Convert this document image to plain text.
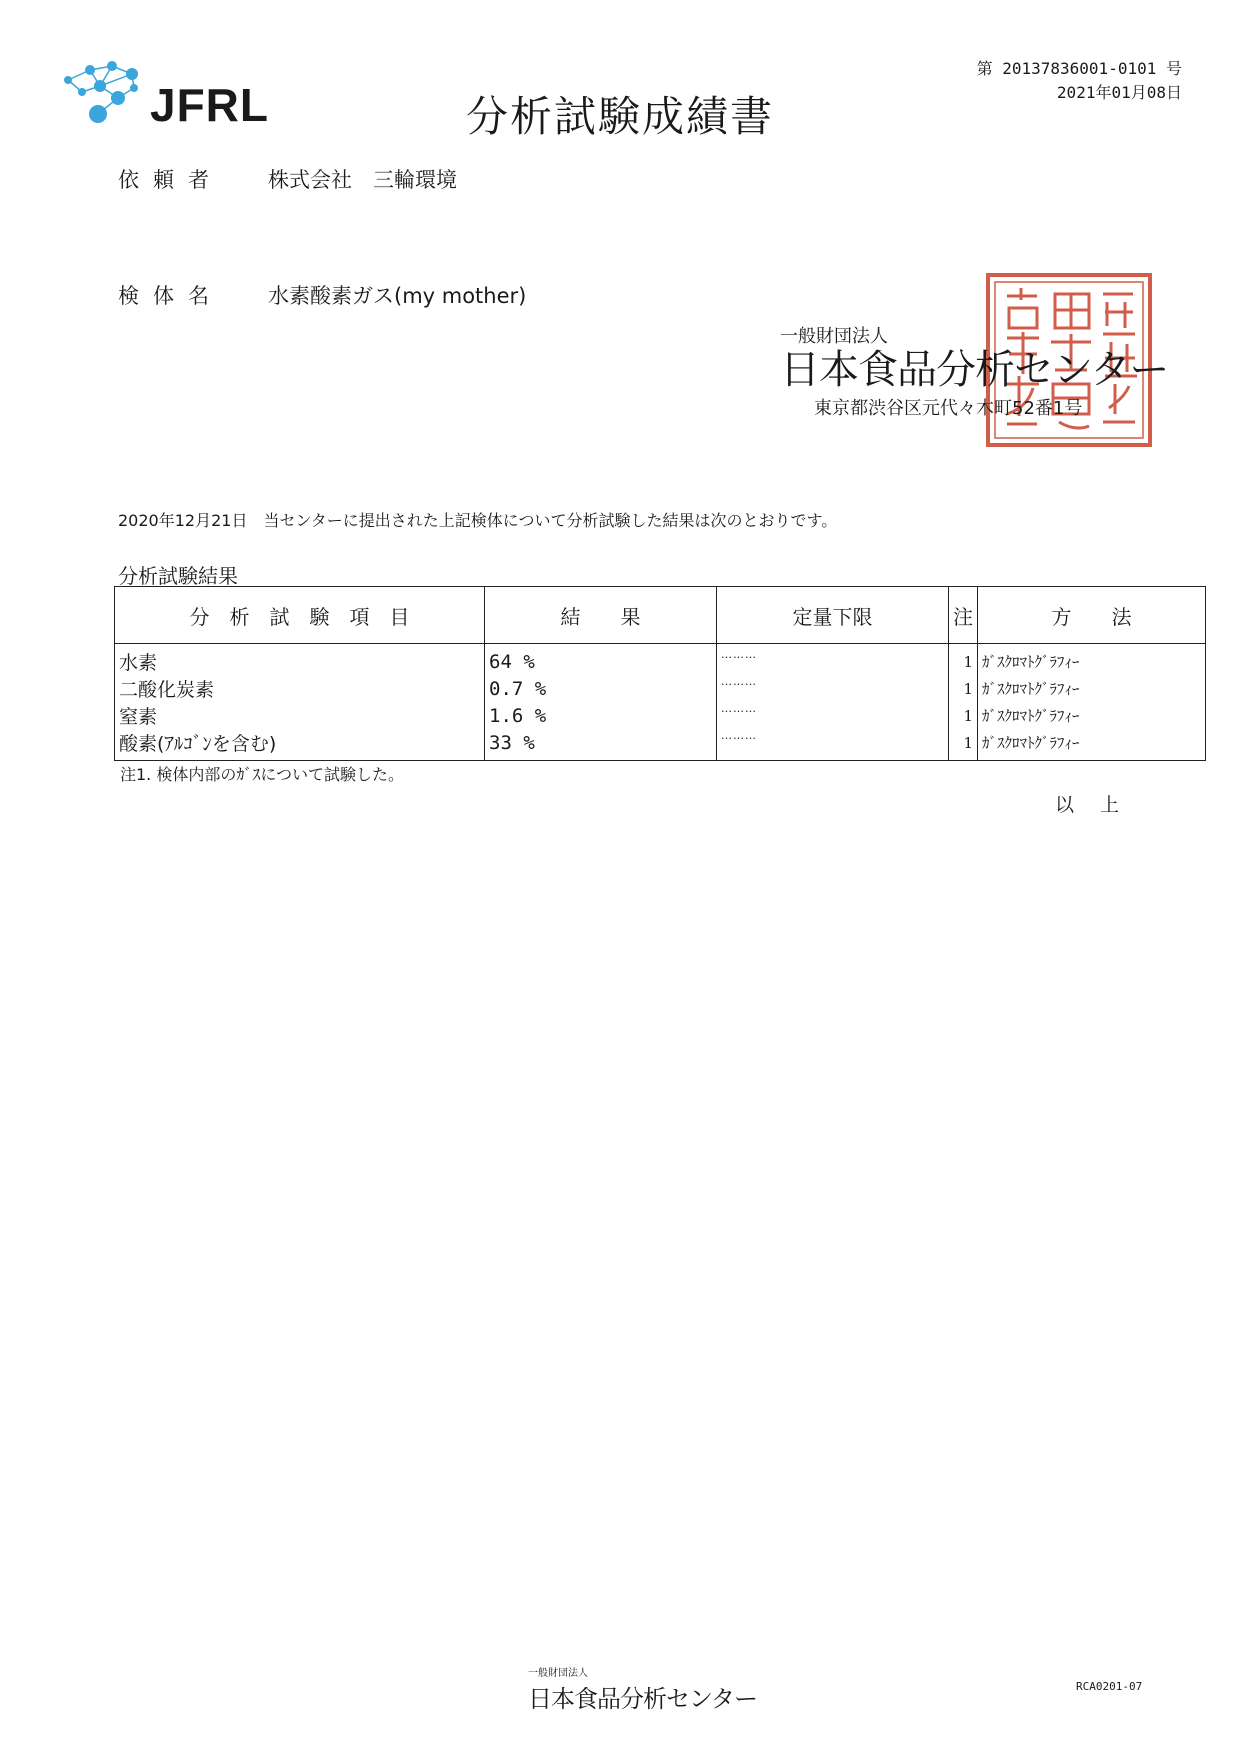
JFRL	分析試験成績書
第 20137836001-0101 号
2021年01月08日
依頼者 株式会社　三輪環境
検体名 水素酸素ガス(my mother)
一般財団法人
日本食品分析センター
東京都渋谷区元代々木町52番1号
2020年12月21日　当センターに提出された上記検体について分析試験した結果は次のとおりです。
分析試験結果
分　析　試　験　項　目	結　　果	定量下限	注	方　　法
水素	64 %	………	1	ｶﾞｽｸﾛﾏﾄｸﾞﾗﾌｨｰ
二酸化炭素	0.7 %	………	1	ｶﾞｽｸﾛﾏﾄｸﾞﾗﾌｨｰ
窒素	1.6 %	………	1	ｶﾞｽｸﾛﾏﾄｸﾞﾗﾌｨｰ
酸素(ｱﾙｺﾞﾝを含む)	33 %	………	1	ｶﾞｽｸﾛﾏﾄｸﾞﾗﾌｨｰ
注1. 検体内部のｶﾞｽについて試験した。
以上
一般財団法人
日本食品分析センター	RCA0201-07
